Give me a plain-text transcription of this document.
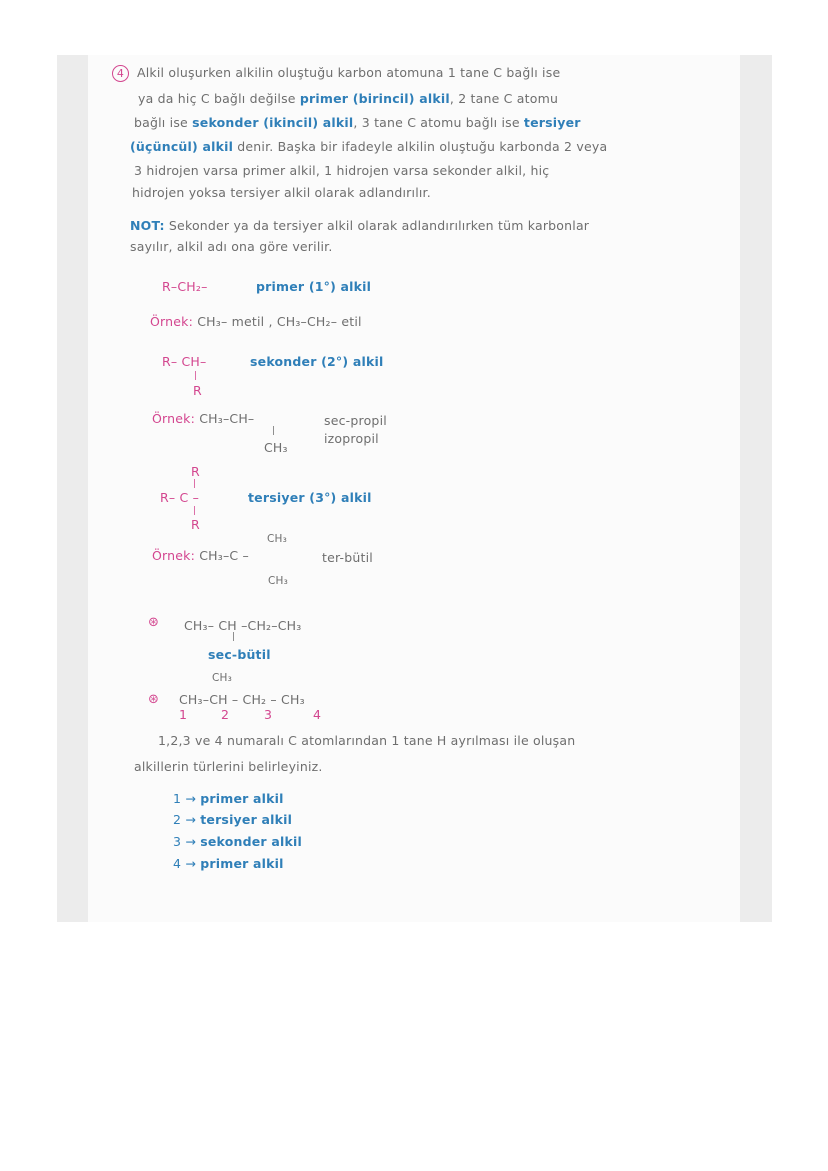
4 Alkil oluşurken alkilin oluştuğu karbon atomuna 1 tane C bağlı ise
ya da hiç C bağlı değilse primer (birincil) alkil, 2 tane C atomu
bağlı ise sekonder (ikincil) alkil, 3 tane C atomu bağlı ise tersiyer
(üçüncül) alkil denir. Başka bir ifadeyle alkilin oluştuğu karbonda 2 veya
3 hidrojen varsa primer alkil, 1 hidrojen varsa sekonder alkil, hiç
hidrojen yoksa tersiyer alkil olarak adlandırılır.
NOT: Sekonder ya da tersiyer alkil olarak adlandırılırken tüm karbonlar
sayılır, alkil adı ona göre verilir.
R–CH₂–	primer (1°) alkil
Örnek: CH₃– metil , CH₃–CH₂– etil
R– CH–
|
R
sekonder (2°) alkil
Örnek: CH₃–CH–
|
CH₃
sec-propil
izopropil
R
|
R– C –
|
R
tersiyer (3°) alkil
CH₃
Örnek: CH₃–C –
CH₃
ter-bütil
⊛ CH₃– CH –CH₂–CH₃
|
sec-bütil
CH₃
⊛ CH₃–CH – CH₂ – CH₃
1	2	3	4
1,2,3 ve 4 numaralı C atomlarından 1 tane H ayrılması ile oluşan
alkillerin türlerini belirleyiniz.
1 → primer alkil
2 → tersiyer alkil
3 → sekonder alkil
4 → primer alkil
